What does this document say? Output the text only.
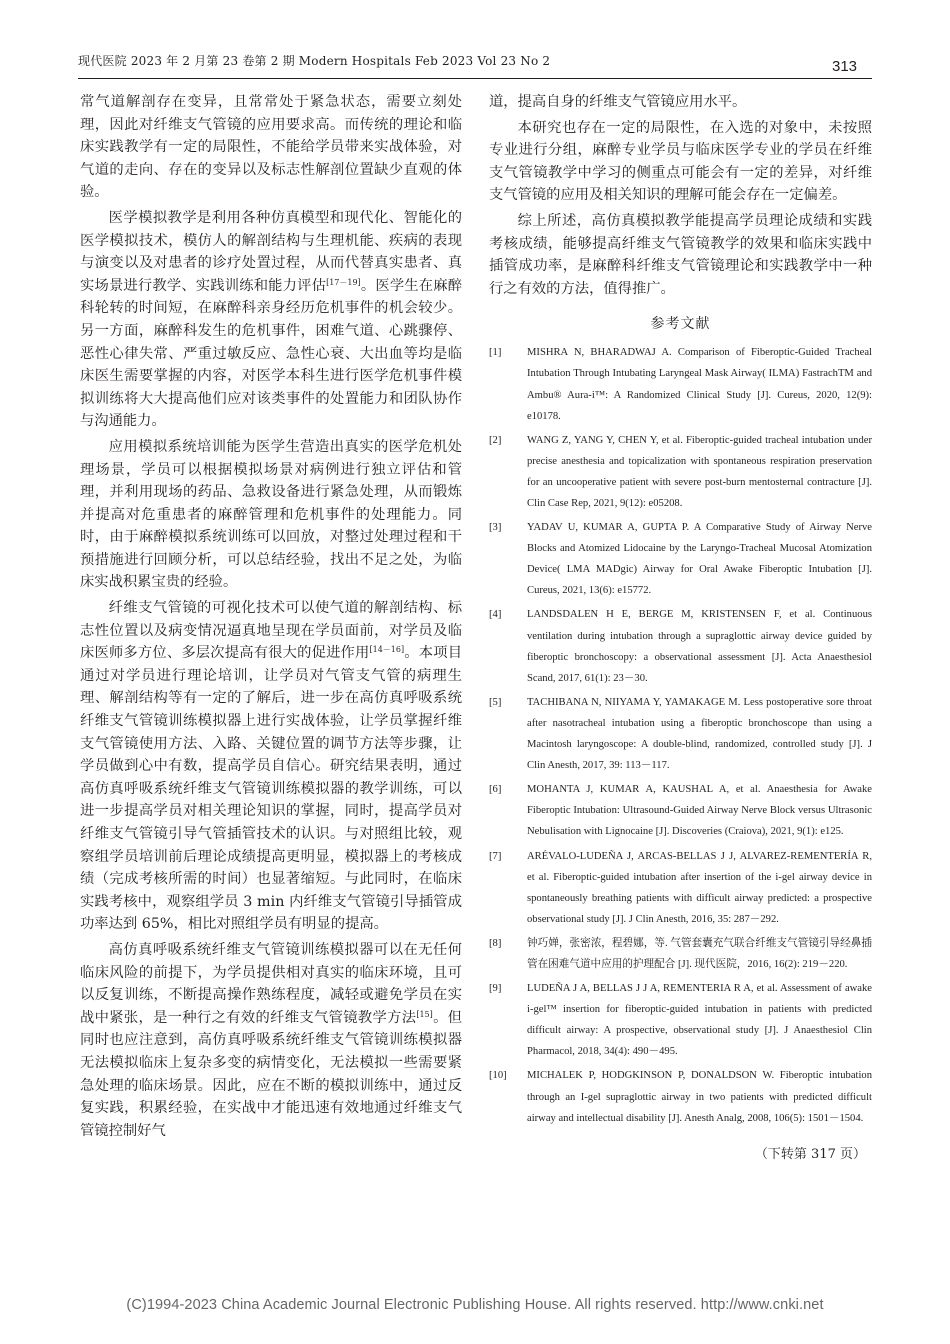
现代医院 2023 年 2 月第 23 卷第 2 期 Modern Hospitals Feb 2023 Vol 23 No 2	313

常气道解剖存在变异，且常常处于紧急状态，需要立刻处理，因此对纤维支气管镜的应用要求高。而传统的理论和临床实践教学有一定的局限性，不能给学员带来实战体验，对气道的走向、存在的变异以及标志性解剖位置缺少直观的体验。

医学模拟教学是利用各种仿真模型和现代化、智能化的医学模拟技术，模仿人的解剖结构与生理机能、疾病的表现与演变以及对患者的诊疗处置过程，从而代替真实患者、真实场景进行教学、实践训练和能力评估[17－19]。医学生在麻醉科轮转的时间短，在麻醉科亲身经历危机事件的机会较少。另一方面，麻醉科发生的危机事件，困难气道、心跳骤停、恶性心律失常、严重过敏反应、急性心衰、大出血等均是临床医生需要掌握的内容，对医学本科生进行医学危机事件模拟训练将大大提高他们应对该类事件的处置能力和团队协作与沟通能力。

应用模拟系统培训能为医学生营造出真实的医学危机处理场景，学员可以根据模拟场景对病例进行独立评估和管理，并利用现场的药品、急救设备进行紧急处理，从而锻炼并提高对危重患者的麻醉管理和危机事件的处理能力。同时，由于麻醉模拟系统训练可以回放，对整过处理过程和干预措施进行回顾分析，可以总结经验，找出不足之处，为临床实战积累宝贵的经验。

纤维支气管镜的可视化技术可以使气道的解剖结构、标志性位置以及病变情况逼真地呈现在学员面前，对学员及临床医师多方位、多层次提高有很大的促进作用[14－16]。本项目通过对学员进行理论培训，让学员对气管支气管的病理生理、解剖结构等有一定的了解后，进一步在高仿真呼吸系统纤维支气管镜训练模拟器上进行实战体验，让学员掌握纤维支气管镜使用方法、入路、关键位置的调节方法等步骤，让学员做到心中有数，提高学员自信心。研究结果表明，通过高仿真呼吸系统纤维支气管镜训练模拟器的教学训练，可以进一步提高学员对相关理论知识的掌握，同时，提高学员对纤维支气管镜引导气管插管技术的认识。与对照组比较，观察组学员培训前后理论成绩提高更明显，模拟器上的考核成绩（完成考核所需的时间）也显著缩短。与此同时，在临床实践考核中，观察组学员 3 min 内纤维支气管镜引导插管成功率达到 65%，相比对照组学员有明显的提高。

高仿真呼吸系统纤维支气管镜训练模拟器可以在无任何临床风险的前提下，为学员提供相对真实的临床环境，且可以反复训练，不断提高操作熟练程度，减轻或避免学员在实战中紧张，是一种行之有效的纤维支气管镜教学方法[15]。但同时也应注意到，高仿真呼吸系统纤维支气管镜训练模拟器无法模拟临床上复杂多变的病情变化，无法模拟一些需要紧急处理的临床场景。因此，应在不断的模拟训练中，通过反复实践，积累经验，在实战中才能迅速有效地通过纤维支气管镜控制好气

道，提高自身的纤维支气管镜应用水平。

本研究也存在一定的局限性，在入选的对象中，未按照专业进行分组，麻醉专业学员与临床医学专业的学员在纤维支气管镜教学中学习的侧重点可能会有一定的差异，对纤维支气管镜的应用及相关知识的理解可能会存在一定偏差。

综上所述，高仿真模拟教学能提高学员理论成绩和实践考核成绩，能够提高纤维支气管镜教学的效果和临床实践中插管成功率，是麻醉科纤维支气管镜理论和实践教学中一种行之有效的方法，值得推广。

参考文献
[1] MISHRA N, BHARADWAJ A. Comparison of Fiberoptic-Guided Tracheal Intubation Through Intubating Laryngeal Mask Airway( ILMA) FastrachTM and Ambu® Aura-i™: A Randomized Clinical Study [J]. Cureus, 2020, 12(9): e10178.
[2] WANG Z, YANG Y, CHEN Y, et al. Fiberoptic-guided tracheal intubation under precise anesthesia and topicalization with spontaneous respiration preservation for an uncooperative patient with severe post-burn mentosternal contracture [J]. Clin Case Rep, 2021, 9(12): e05208.
[3] YADAV U, KUMAR A, GUPTA P. A Comparative Study of Airway Nerve Blocks and Atomized Lidocaine by the Laryngo-Tracheal Mucosal Atomization Device( LMA MADgic) Airway for Oral Awake Fiberoptic Intubation [J]. Cureus, 2021, 13(6): e15772.
[4] LANDSDALEN H E, BERGE M, KRISTENSEN F, et al. Continuous ventilation during intubation through a supraglottic airway device guided by fiberoptic bronchoscopy: a observational assessment [J]. Acta Anaesthesiol Scand, 2017, 61(1): 23－30.
[5] TACHIBANA N, NIIYAMA Y, YAMAKAGE M. Less postoperative sore throat after nasotracheal intubation using a fiberoptic bronchoscope than using a Macintosh laryngoscope: A double-blind, randomized, controlled study [J]. J Clin Anesth, 2017, 39: 113－117.
[6] MOHANTA J, KUMAR A, KAUSHAL A, et al. Anaesthesia for Awake Fiberoptic Intubation: Ultrasound-Guided Airway Nerve Block versus Ultrasonic Nebulisation with Lignocaine [J]. Discoveries (Craiova), 2021, 9(1): e125.
[7] ARÉVALO-LUDEÑA J, ARCAS-BELLAS J J, ALVAREZ-REMENTERÍA R, et al. Fiberoptic-guided intubation after insertion of the i-gel airway device in spontaneously breathing patients with difficult airway predicted: a prospective observational study [J]. J Clin Anesth, 2016, 35: 287－292.
[8] 钟巧婵，张密浓，程碧娜，等. 气管套囊充气联合纤维支气管镜引导经鼻插管在困难气道中应用的护理配合 [J]. 现代医院，2016, 16(2): 219－220.
[9] LUDEÑA J A, BELLAS J J A, REMENTERIA R A, et al. Assessment of awake i-gel™ insertion for fiberoptic-guided intubation in patients with predicted difficult airway: A prospective, observational study [J]. J Anaesthesiol Clin Pharmacol, 2018, 34(4): 490－495.
[10] MICHALEK P, HODGKINSON P, DONALDSON W. Fiberoptic intubation through an I-gel supraglottic airway in two patients with predicted difficult airway and intellectual disability [J]. Anesth Analg, 2008, 106(5): 1501－1504.
（下转第 317 页）
(C)1994-2023 China Academic Journal Electronic Publishing House. All rights reserved. http://www.cnki.net
